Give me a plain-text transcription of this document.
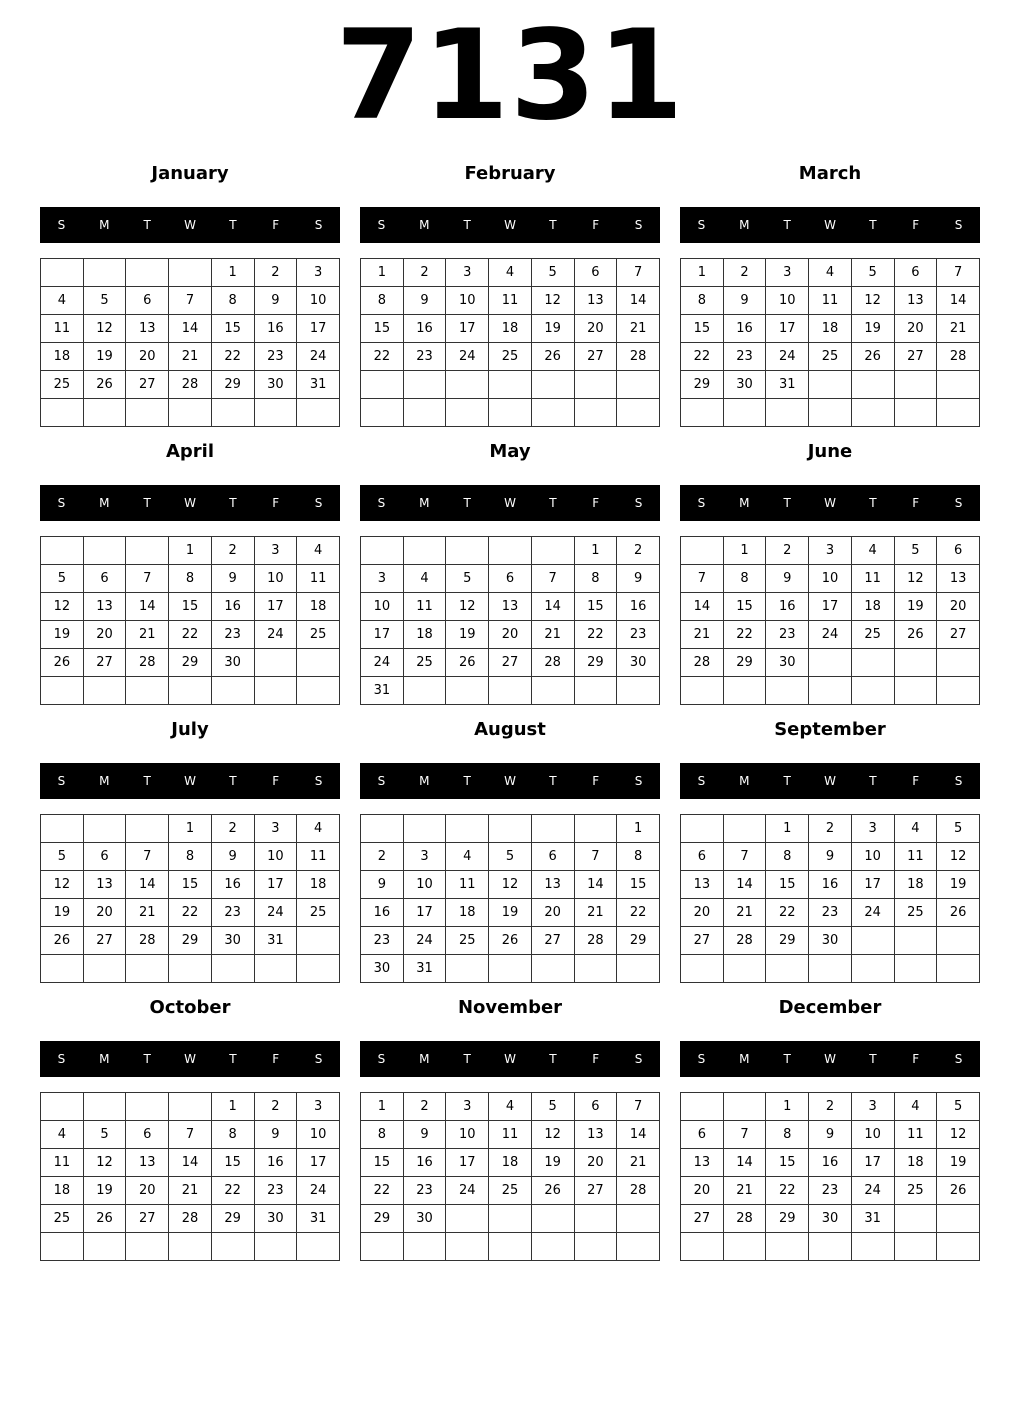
7131
January
S	M	T	W	T	F	S
				1	2	3
4	5	6	7	8	9	10
11	12	13	14	15	16	17
18	19	20	21	22	23	24
25	26	27	28	29	30	31

February
S	M	T	W	T	F	S
1	2	3	4	5	6	7
8	9	10	11	12	13	14
15	16	17	18	19	20	21
22	23	24	25	26	27	28

March
S	M	T	W	T	F	S
1	2	3	4	5	6	7
8	9	10	11	12	13	14
15	16	17	18	19	20	21
22	23	24	25	26	27	28
29	30	31				

April
S	M	T	W	T	F	S
			1	2	3	4
5	6	7	8	9	10	11
12	13	14	15	16	17	18
19	20	21	22	23	24	25
26	27	28	29	30		

May
S	M	T	W	T	F	S
					1	2
3	4	5	6	7	8	9
10	11	12	13	14	15	16
17	18	19	20	21	22	23
24	25	26	27	28	29	30
31						
June
S	M	T	W	T	F	S
	1	2	3	4	5	6
7	8	9	10	11	12	13
14	15	16	17	18	19	20
21	22	23	24	25	26	27
28	29	30				

July
S	M	T	W	T	F	S
			1	2	3	4
5	6	7	8	9	10	11
12	13	14	15	16	17	18
19	20	21	22	23	24	25
26	27	28	29	30	31	

August
S	M	T	W	T	F	S
						1
2	3	4	5	6	7	8
9	10	11	12	13	14	15
16	17	18	19	20	21	22
23	24	25	26	27	28	29
30	31					
September
S	M	T	W	T	F	S
		1	2	3	4	5
6	7	8	9	10	11	12
13	14	15	16	17	18	19
20	21	22	23	24	25	26
27	28	29	30			

October
S	M	T	W	T	F	S
				1	2	3
4	5	6	7	8	9	10
11	12	13	14	15	16	17
18	19	20	21	22	23	24
25	26	27	28	29	30	31

November
S	M	T	W	T	F	S
1	2	3	4	5	6	7
8	9	10	11	12	13	14
15	16	17	18	19	20	21
22	23	24	25	26	27	28
29	30					

December
S	M	T	W	T	F	S
		1	2	3	4	5
6	7	8	9	10	11	12
13	14	15	16	17	18	19
20	21	22	23	24	25	26
27	28	29	30	31		
